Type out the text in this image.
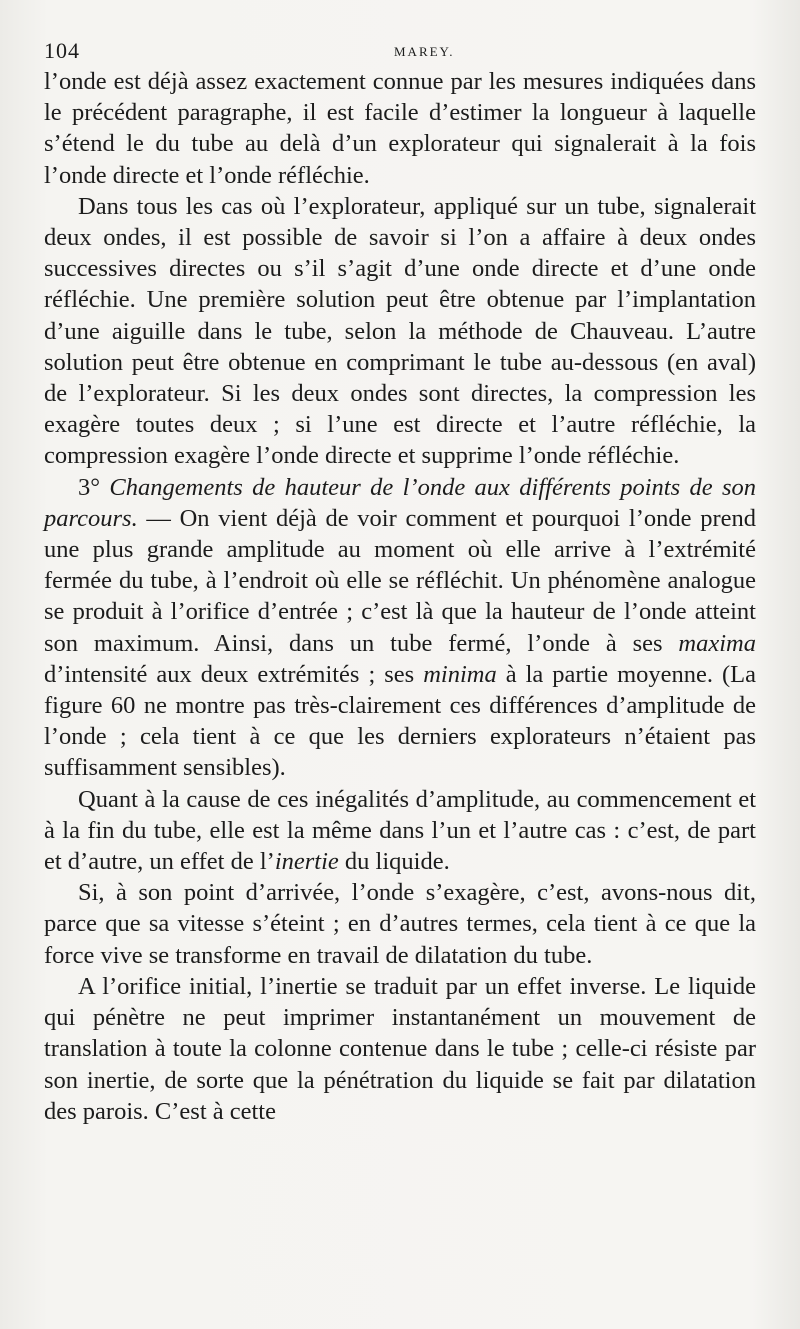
104	MAREY.

l’onde est déjà assez exactement connue par les mesures indiquées dans le précédent paragraphe, il est facile d’estimer la longueur à laquelle s’étend le du tube au delà d’un explorateur qui signalerait à la fois l’onde directe et l’onde réfléchie.

Dans tous les cas où l’explorateur, appliqué sur un tube, signalerait deux ondes, il est possible de savoir si l’on a affaire à deux ondes successives directes ou s’il s’agit d’une onde directe et d’une onde réfléchie. Une première solution peut être obtenue par l’implantation d’une aiguille dans le tube, selon la méthode de Chauveau. L’autre solution peut être obtenue en comprimant le tube au-dessous (en aval) de l’explorateur. Si les deux ondes sont directes, la compression les exagère toutes deux ; si l’une est directe et l’autre réfléchie, la compression exagère l’onde directe et supprime l’onde réfléchie.

3° Changements de hauteur de l’onde aux différents points de son parcours. — On vient déjà de voir comment et pourquoi l’onde prend une plus grande amplitude au moment où elle arrive à l’extrémité fermée du tube, à l’endroit où elle se réfléchit. Un phénomène analogue se produit à l’orifice d’entrée ; c’est là que la hauteur de l’onde atteint son maximum. Ainsi, dans un tube fermé, l’onde à ses maxima d’intensité aux deux extrémités ; ses minima à la partie moyenne. (La figure 60 ne montre pas très-clairement ces différences d’amplitude de l’onde ; cela tient à ce que les derniers explorateurs n’étaient pas suffisamment sensibles).

Quant à la cause de ces inégalités d’amplitude, au commencement et à la fin du tube, elle est la même dans l’un et l’autre cas : c’est, de part et d’autre, un effet de l’inertie du liquide.

Si, à son point d’arrivée, l’onde s’exagère, c’est, avons-nous dit, parce que sa vitesse s’éteint ; en d’autres termes, cela tient à ce que la force vive se transforme en travail de dilatation du tube.

A l’orifice initial, l’inertie se traduit par un effet inverse. Le liquide qui pénètre ne peut imprimer instantanément un mouvement de translation à toute la colonne contenue dans le tube ; celle-ci résiste par son inertie, de sorte que la pénétration du liquide se fait par dilatation des parois. C’est à cette
